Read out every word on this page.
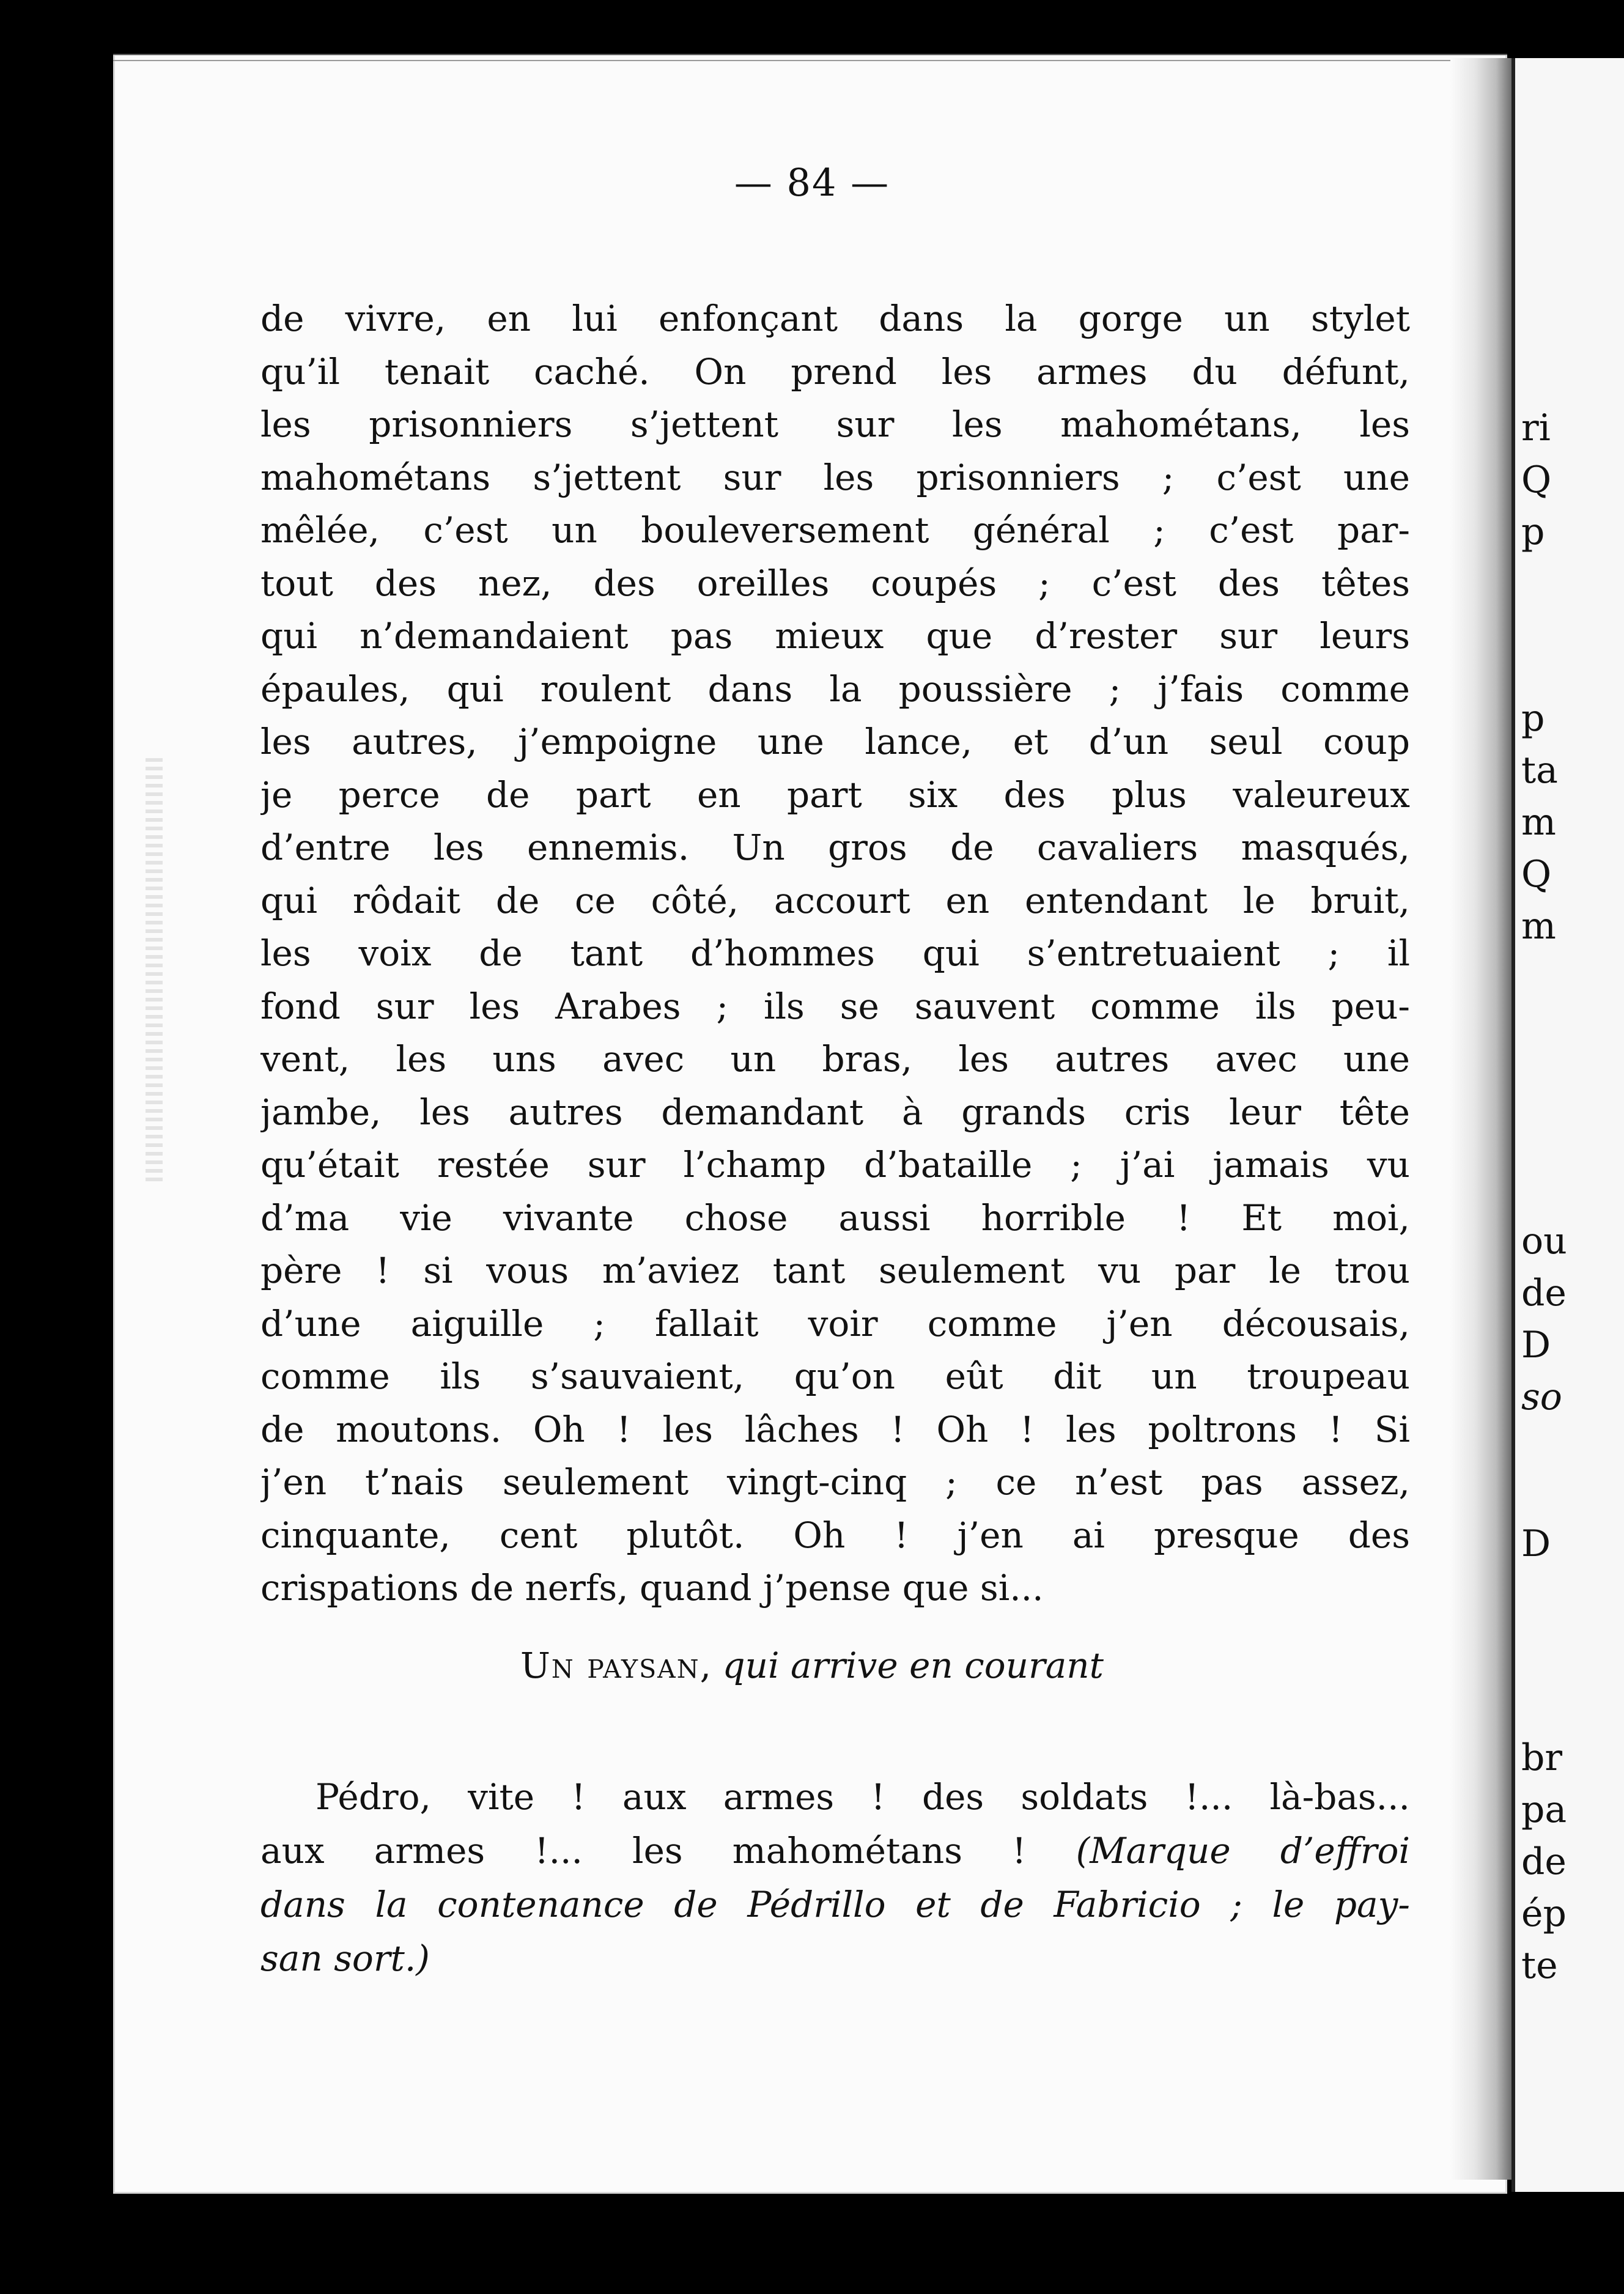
ri
Q
p
p
ta
m
Q
m
ou
de
D
so
D
br
pa
de
ép
te
— 84 —
de vivre, en lui enfonçant dans la gorge un stylet
qu’il tenait caché. On prend les armes du défunt,
les prisonniers s’jettent sur les mahométans, les
mahométans s’jettent sur les prisonniers ; c’est une
mêlée, c’est un bouleversement général ; c’est par-
tout des nez, des oreilles coupés ; c’est des têtes
qui n’demandaient pas mieux que d’rester sur leurs
épaules, qui roulent dans la poussière ; j’fais comme
les autres, j’empoigne une lance, et d’un seul coup
je perce de part en part six des plus valeureux
d’entre les ennemis. Un gros de cavaliers masqués,
qui rôdait de ce côté, accourt en entendant le bruit,
les voix de tant d’hommes qui s’entretuaient ; il
fond sur les Arabes ; ils se sauvent comme ils peu-
vent, les uns avec un bras, les autres avec une
jambe, les autres demandant à grands cris leur tête
qu’était restée sur l’champ d’bataille ; j’ai jamais vu
d’ma vie vivante chose aussi horrible ! Et moi,
père ! si vous m’aviez tant seulement vu par le trou
d’une aiguille ; fallait voir comme j’en décousais,
comme ils s’sauvaient, qu’on eût dit un troupeau
de moutons. Oh ! les lâches ! Oh ! les poltrons ! Si
j’en t’nais seulement vingt-cinq ; ce n’est pas assez,
cinquante, cent plutôt. Oh ! j’en ai presque des
crispations de nerfs, quand j’pense que si...
Un paysan, qui arrive en courant
Pédro, vite ! aux armes ! des soldats !... là-bas...
aux armes !... les mahométans ! (Marque d’effroi
dans la contenance de Pédrillo et de Fabricio ; le pay-
san sort.)
